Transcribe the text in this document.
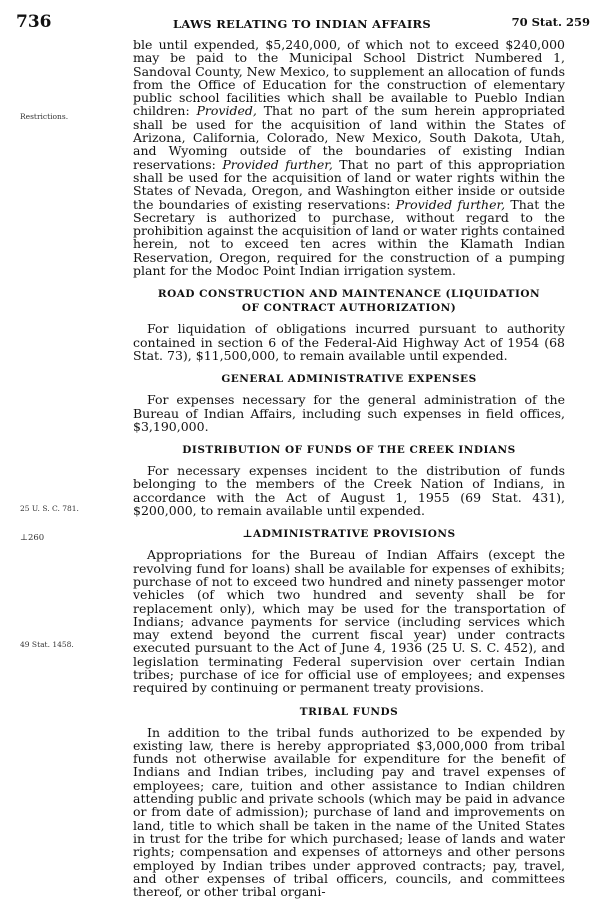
736	LAWS RELATING TO INDIAN AFFAIRS	70 Stat. 259
Restrictions.
25 U. S. C. 781.
⊥260
49 Stat. 1458.

ble until expended, $5,240,000, of which not to exceed $240,000 may be paid to the Municipal School District Numbered 1, Sandoval County, New Mexico, to supplement an allocation of funds from the Office of Education for the construction of elementary public school facilities which shall be available to Pueblo Indian children: Provided, That no part of the sum herein appropriated shall be used for the acquisition of land within the States of Arizona, California, Colorado, New Mexico, South Dakota, Utah, and Wyoming outside of the boundaries of existing Indian reservations: Provided further, That no part of this appropriation shall be used for the acquisition of land or water rights within the States of Nevada, Oregon, and Washington either inside or outside the boundaries of existing reservations: Provided further, That the Secretary is authorized to purchase, without regard to the prohibition against the acquisition of land or water rights contained herein, not to exceed ten acres within the Klamath Indian Reservation, Oregon, required for the construction of a pumping plant for the Modoc Point Indian irrigation system.

ROAD CONSTRUCTION AND MAINTENANCE (LIQUIDATION OF CONTRACT AUTHORIZATION)

For liquidation of obligations incurred pursuant to authority contained in section 6 of the Federal-Aid Highway Act of 1954 (68 Stat. 73), $11,500,000, to remain available until expended.

GENERAL ADMINISTRATIVE EXPENSES

For expenses necessary for the general administration of the Bureau of Indian Affairs, including such expenses in field offices, $3,190,000.

DISTRIBUTION OF FUNDS OF THE CREEK INDIANS

For necessary expenses incident to the distribution of funds belonging to the members of the Creek Nation of Indians, in accordance with the Act of August 1, 1955 (69 Stat. 431), $200,000, to remain available until expended.

⊥ADMINISTRATIVE PROVISIONS

Appropriations for the Bureau of Indian Affairs (except the revolving fund for loans) shall be available for expenses of exhibits; purchase of not to exceed two hundred and ninety passenger motor vehicles (of which two hundred and seventy shall be for replacement only), which may be used for the transportation of Indians; advance payments for service (including services which may extend beyond the current fiscal year) under contracts executed pursuant to the Act of June 4, 1936 (25 U. S. C. 452), and legislation terminating Federal supervision over certain Indian tribes; purchase of ice for official use of employees; and expenses required by continuing or permanent treaty provisions.

TRIBAL FUNDS

In addition to the tribal funds authorized to be expended by existing law, there is hereby appropriated $3,000,000 from tribal funds not otherwise available for expenditure for the benefit of Indians and Indian tribes, including pay and travel expenses of employees; care, tuition and other assistance to Indian children attending public and private schools (which may be paid in advance or from date of admission); purchase of land and improvements on land, title to which shall be taken in the name of the United States in trust for the tribe for which purchased; lease of lands and water rights; compensation and expenses of attorneys and other persons employed by Indian tribes under approved contracts; pay, travel, and other expenses of tribal officers, councils, and committees thereof, or other tribal organi-
